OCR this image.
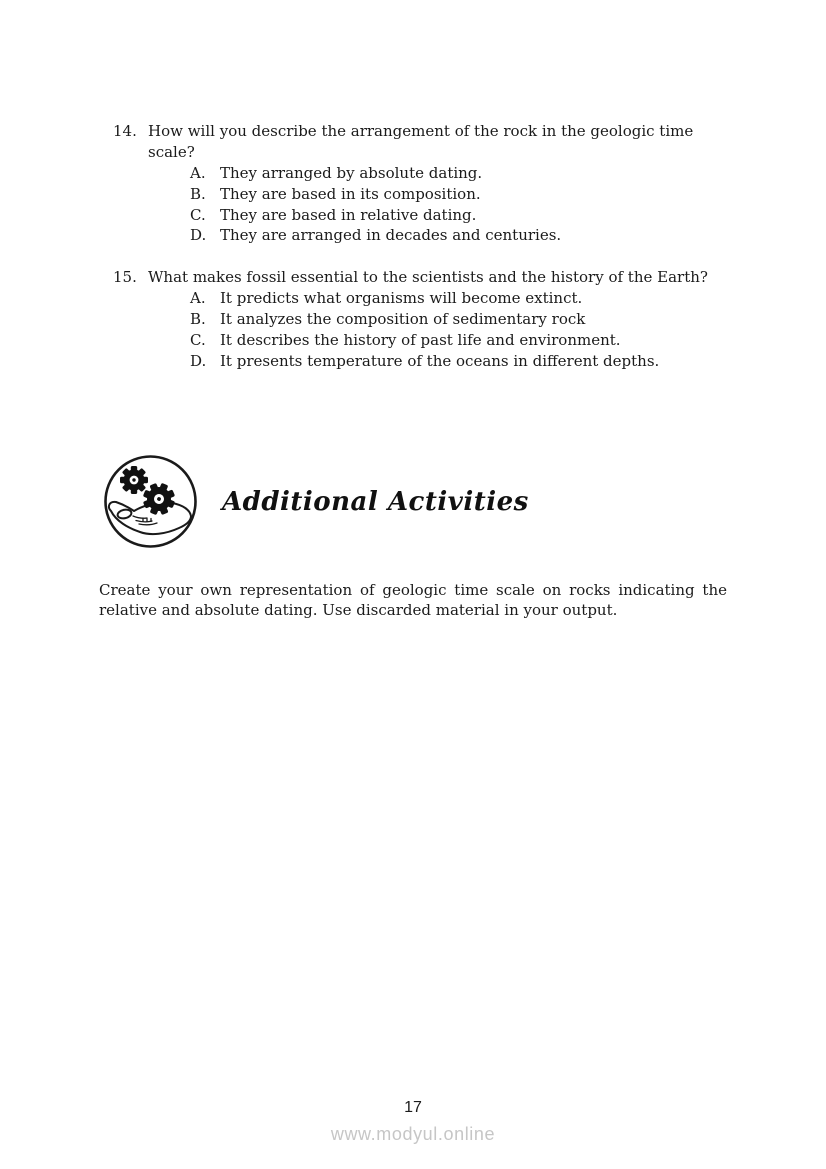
14. How will you describe the arrangement of the rock in the geologic time scale?
A. They arranged by absolute dating.
B. They are based in its composition.
C. They are based in relative dating.
D. They are arranged in decades and centuries.
15. What makes fossil essential to the scientists and the history of the Earth?
A. It predicts what organisms will become extinct.
B. It analyzes the composition of sedimentary rock
C. It describes the history of past life and environment.
D. It presents temperature of the oceans in different depths.
Additional Activities
Create your own representation of geologic time scale on rocks indicating the
relative and absolute dating. Use discarded material in your output.
17
www.modyul.online
